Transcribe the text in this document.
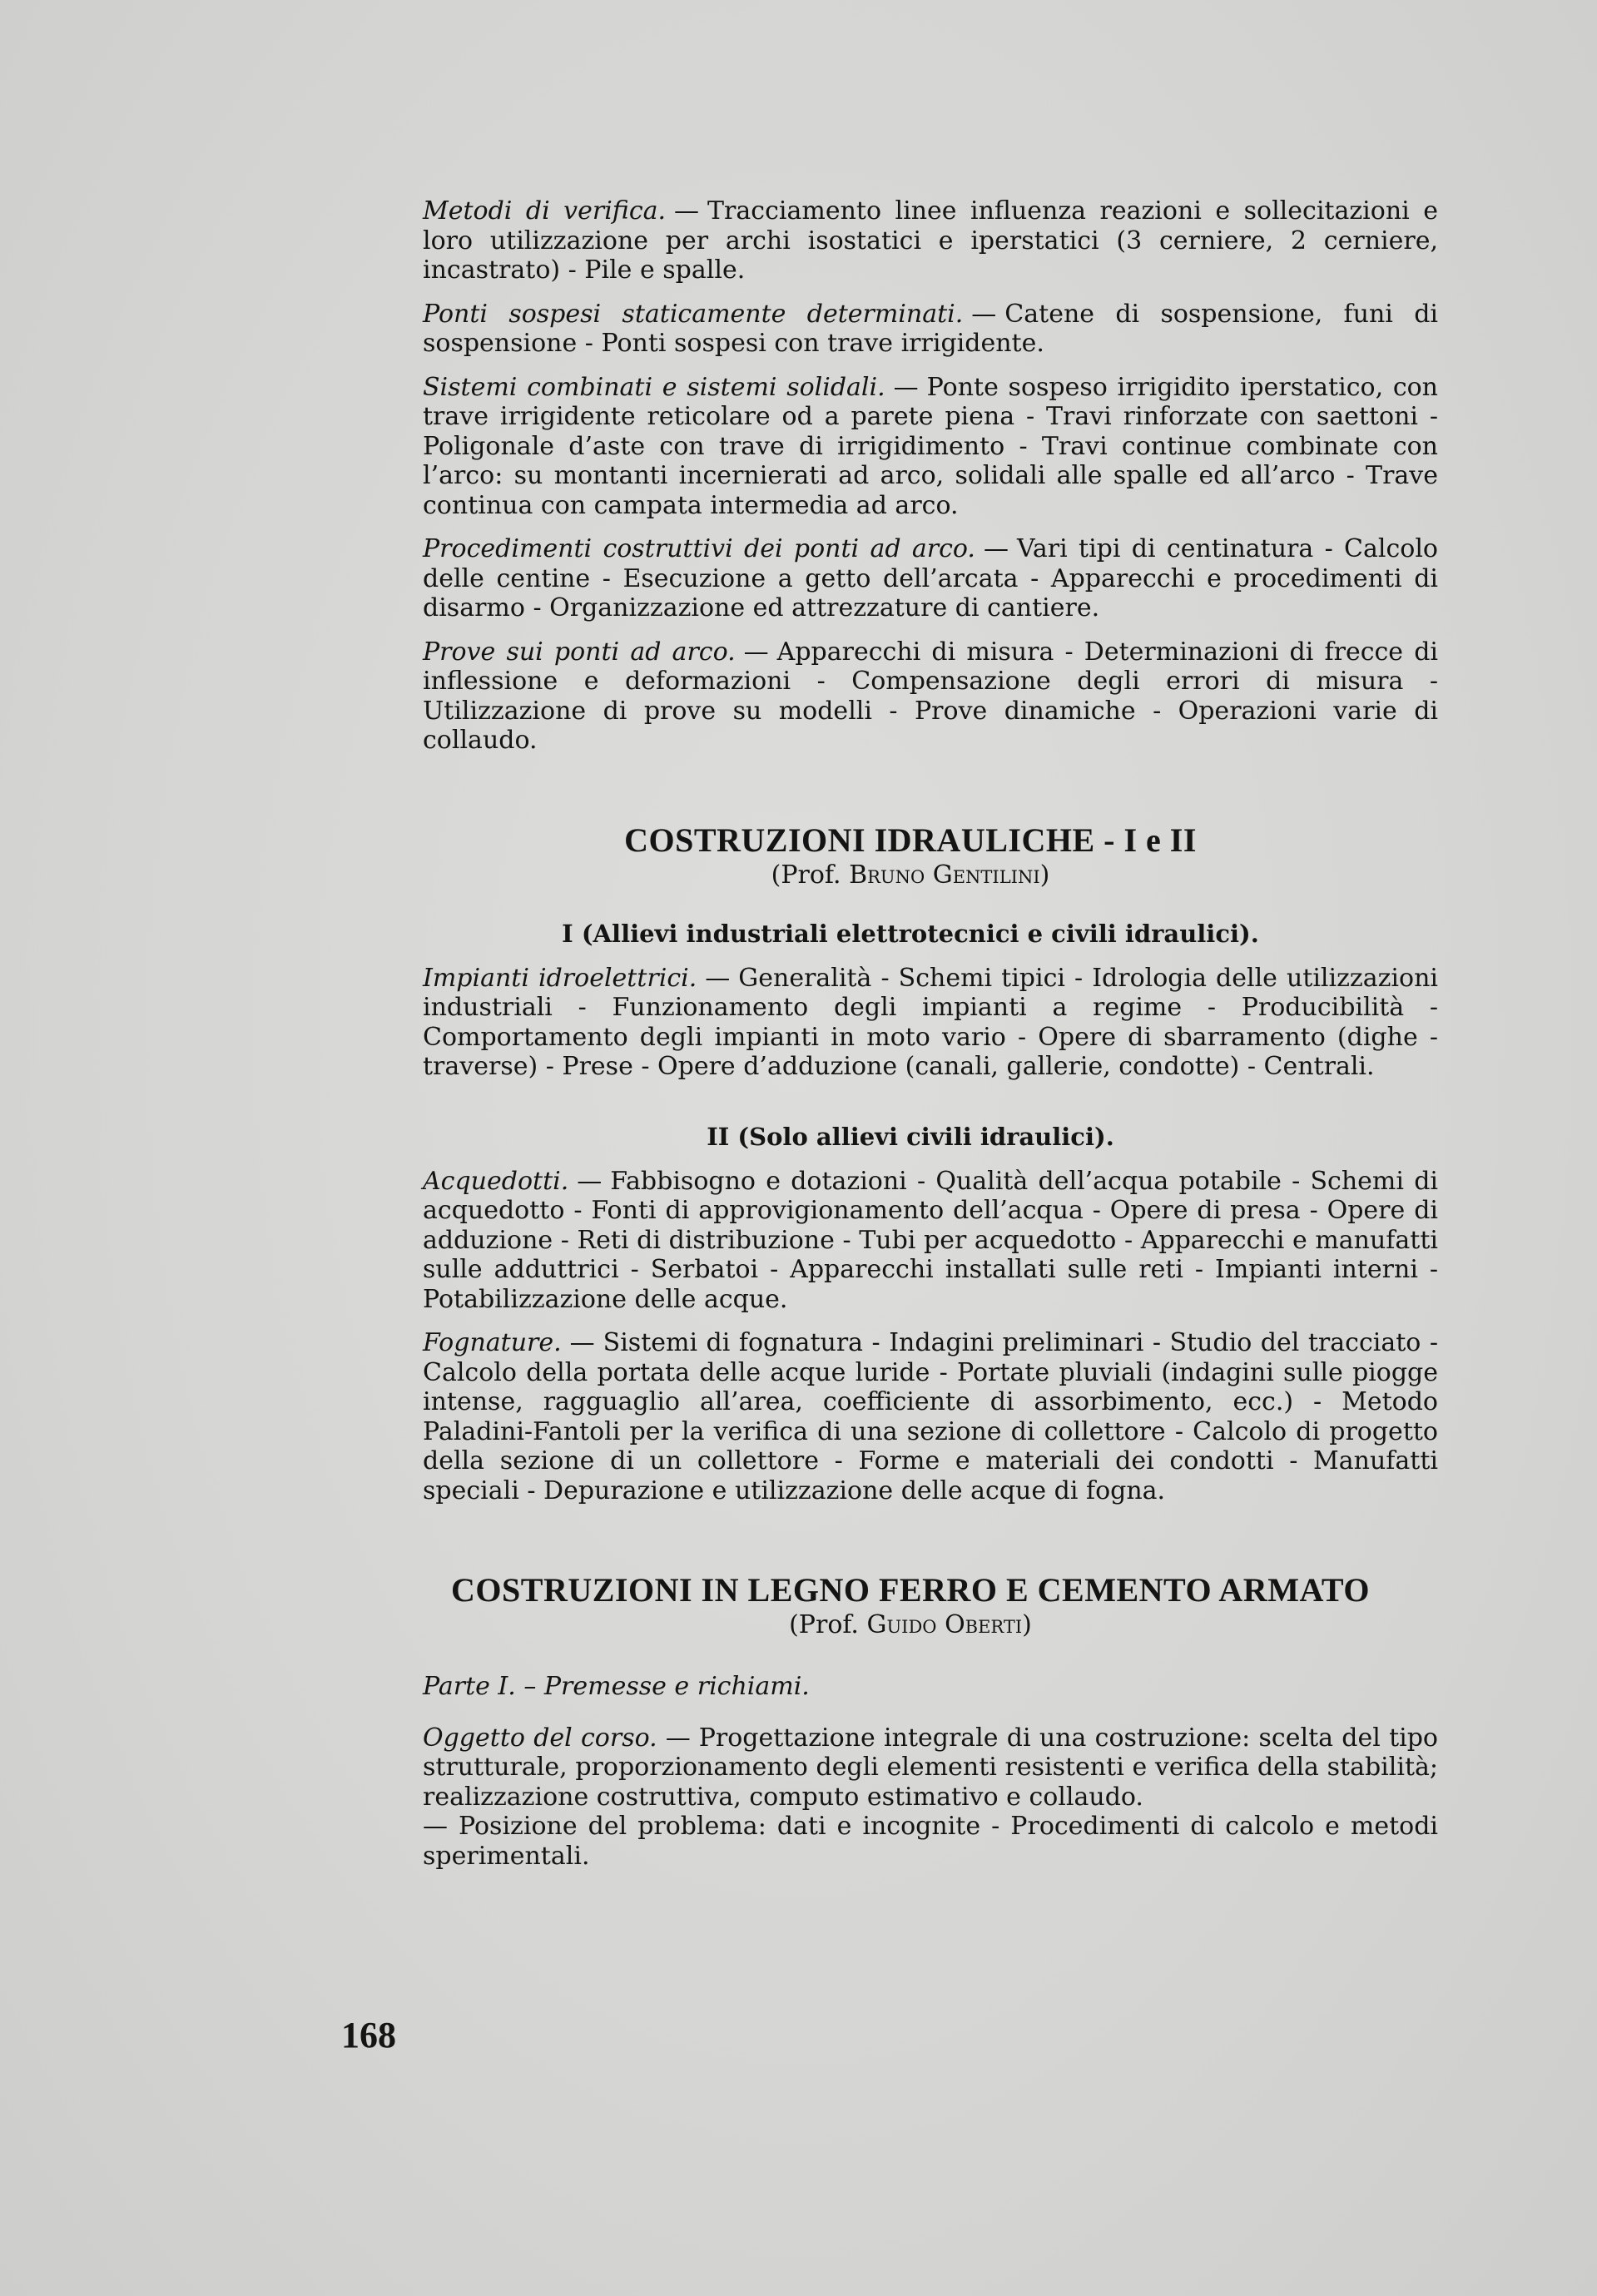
Metodi di verifica. — Tracciamento linee influenza reazioni e sollecitazioni e loro utilizzazione per archi isostatici e iperstatici (3 cerniere, 2 cerniere, incastrato) - Pile e spalle.

Ponti sospesi staticamente determinati. — Catene di sospensione, funi di sospensione - Ponti sospesi con trave irrigidente.

Sistemi combinati e sistemi solidali. — Ponte sospeso irrigidito iperstatico, con trave irrigidente reticolare od a parete piena - Travi rinforzate con saettoni - Poligonale d’aste con trave di irrigidimento - Travi continue combinate con l’arco: su montanti incernierati ad arco, solidali alle spalle ed all’arco - Trave continua con campata intermedia ad arco.

Procedimenti costruttivi dei ponti ad arco. — Vari tipi di centinatura - Calcolo delle centine - Esecuzione a getto dell’arcata - Apparecchi e procedimenti di disarmo - Organizzazione ed attrezzature di cantiere.

Prove sui ponti ad arco. — Apparecchi di misura - Determinazioni di frecce di inflessione e deformazioni - Compensazione degli errori di misura - Utilizzazione di prove su modelli - Prove dinamiche - Operazioni varie di collaudo.

COSTRUZIONI IDRAULICHE - I e II

(Prof. Bruno Gentilini)

I (Allievi industriali elettrotecnici e civili idraulici).

Impianti idroelettrici. — Generalità - Schemi tipici - Idrologia delle utilizzazioni industriali - Funzionamento degli impianti a regime - Producibilità - Comportamento degli impianti in moto vario - Opere di sbarramento (dighe - traverse) - Prese - Opere d’adduzione (canali, gallerie, condotte) - Centrali.

II (Solo allievi civili idraulici).

Acquedotti. — Fabbisogno e dotazioni - Qualità dell’acqua potabile - Schemi di acquedotto - Fonti di approvigionamento dell’acqua - Opere di presa - Opere di adduzione - Reti di distribuzione - Tubi per acquedotto - Apparecchi e manufatti sulle adduttrici - Serbatoi - Apparecchi installati sulle reti - Impianti interni - Potabilizzazione delle acque.

Fognature. — Sistemi di fognatura - Indagini preliminari - Studio del tracciato - Calcolo della portata delle acque luride - Portate pluviali (indagini sulle piogge intense, ragguaglio all’area, coefficiente di assorbimento, ecc.) - Metodo Paladini-Fantoli per la verifica di una sezione di collettore - Calcolo di progetto della sezione di un collettore - Forme e materiali dei condotti - Manufatti speciali - Depurazione e utilizzazione delle acque di fogna.

COSTRUZIONI IN LEGNO FERRO E CEMENTO ARMATO

(Prof. Guido Oberti)

Parte I. – Premesse e richiami.

Oggetto del corso. — Progettazione integrale di una costruzione: scelta del tipo strutturale, proporzionamento degli elementi resistenti e verifica della stabilità; realizzazione costruttiva, computo estimativo e collaudo.

— Posizione del problema: dati e incognite - Procedimenti di calcolo e metodi sperimentali.

168
